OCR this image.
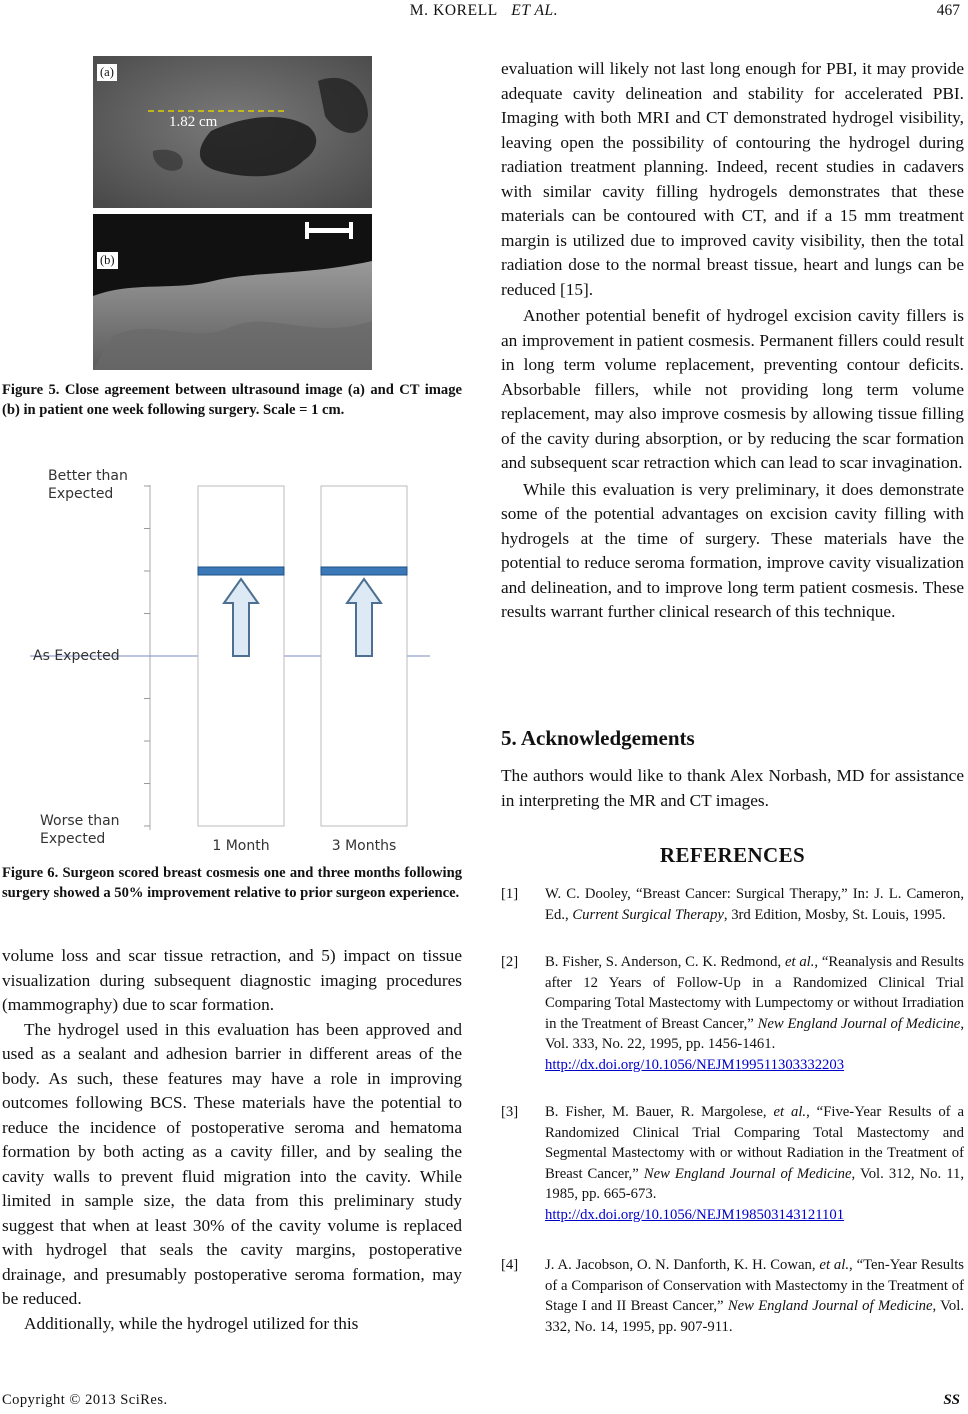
M. KORELL ET AL.	467
(a)
(b)
1.82 cm
Figure 5. Close agreement between ultrasound image (a) and CT image (b) in patient one week following surgery. Scale = 1 cm.
Better than
Expected
As Expected
Worse than
Expected	1 Month	3 Months
Figure 6. Surgeon scored breast cosmesis one and three months following surgery showed a 50% improvement relative to prior surgeon experience.

volume loss and scar tissue retraction, and 5) impact on tissue visualization during subsequent diagnostic imaging procedures (mammography) due to scar formation.

The hydrogel used in this evaluation has been approved and used as a sealant and adhesion barrier in different areas of the body. As such, these features may have a role in improving outcomes following BCS. These materials have the potential to reduce the incidence of postoperative seroma and hematoma formation by both acting as a cavity filler, and by sealing the cavity walls to prevent fluid migration into the cavity. While limited in sample size, the data from this preliminary study suggest that when at least 30% of the cavity volume is replaced with hydrogel that seals the cavity margins, postoperative drainage, and presumably postoperative seroma formation, may be reduced.

Additionally, while the hydrogel utilized for this

evaluation will likely not last long enough for PBI, it may provide adequate cavity delineation and stability for accelerated PBI. Imaging with both MRI and CT demonstrated hydrogel visibility, leaving open the possibility of contouring the hydrogel during radiation treatment planning. Indeed, recent studies in cadavers with similar cavity filling hydrogels demonstrates that these materials can be contoured with CT, and if a 15 mm treatment margin is utilized due to improved cavity visibility, then the total radiation dose to the normal breast tissue, heart and lungs can be reduced [15].

Another potential benefit of hydrogel excision cavity fillers is an improvement in patient cosmesis. Permanent fillers could result in long term volume replacement, preventing contour deficits. Absorbable fillers, while not providing long term volume replacement, may also improve cosmesis by allowing tissue filling of the cavity during absorption, or by reducing the scar formation and subsequent scar retraction which can lead to scar invagination.

While this evaluation is very preliminary, it does demonstrate some of the potential advantages on excision cavity filling with hydrogels at the time of surgery. These materials have the potential to reduce seroma formation, improve cavity visualization and delineation, and to improve long term patient cosmesis. These results warrant further clinical research of this technique.

5. Acknowledgements

The authors would like to thank Alex Norbash, MD for assistance in interpreting the MR and CT images.

REFERENCES
[1] W. C. Dooley, “Breast Cancer: Surgical Therapy,” In: J. L. Cameron, Ed., Current Surgical Therapy, 3rd Edition, Mosby, St. Louis, 1995.
[2] B. Fisher, S. Anderson, C. K. Redmond, et al., “Reanalysis and Results after 12 Years of Follow-Up in a Randomized Clinical Trial Comparing Total Mastectomy with Lumpectomy or without Irradiation in the Treatment of Breast Cancer,” New England Journal of Medicine, Vol. 333, No. 22, 1995, pp. 1456-1461.
http://dx.doi.org/10.1056/NEJM199511303332203
[3] B. Fisher, M. Bauer, R. Margolese, et al., “Five-Year Results of a Randomized Clinical Trial Comparing Total Mastectomy and Segmental Mastectomy with or without Radiation in the Treatment of Breast Cancer,” New England Journal of Medicine, Vol. 312, No. 11, 1985, pp. 665-673.
http://dx.doi.org/10.1056/NEJM198503143121101
[4] J. A. Jacobson, O. N. Danforth, K. H. Cowan, et al., “Ten-Year Results of a Comparison of Conservation with Mastectomy in the Treatment of Stage I and II Breast Cancer,” New England Journal of Medicine, Vol. 332, No. 14, 1995, pp. 907-911.
Copyright © 2013 SciRes.	SS
